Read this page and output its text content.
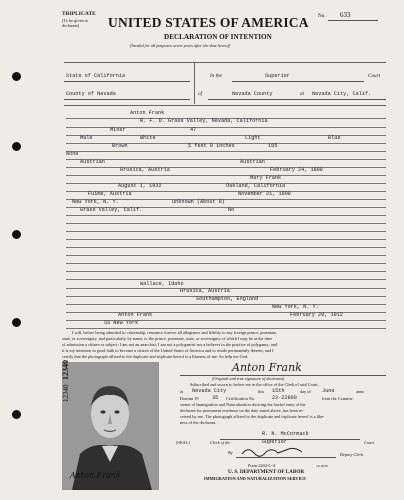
TRIPLICATE
(To be given to
declarant)
No. 633
UNITED STATES OF AMERICA
DECLARATION OF INTENTION
(Invalid for all purposes seven years after the date hereof)
State of California
County of Nevada
In the	Superior	Court
of	Nevada County	at Nevada City, Calif.
Anton Frank
R. F. D. Grass Valley, Nevada, California
Miner	47
Male	White	Light	Blue
Brown	5 feet 9 inches	165
None
Austrian	Austrian
Hrusica, Austria	February 24, 1888
Mary Frank
August 1, 1932	Oakland, California
Fuime, Austria	November 21, 1898
New York, N. Y.	unknown (About 8)
Grass Valley, Calif.	No
Wallace, Idaho
Hrusica, Austria
Southampton, England
New York, N. Y.
Anton Frank	February 29, 1912
SS New York
I will, before being admitted to citizenship, renounce forever all allegiance and fidelity to any foreign prince, potentate,
state, or sovereignty, and particularly, by name, to the prince, potentate, state, or sovereignty of which I may be at the time
of admission a citizen or subject; I am not an anarchist; I am not a polygamist nor a believer in the practice of polygamy; and
it is my intention in good faith to become a citizen of the United States of America and to reside permanently therein; and I
certify that the photograph affixed to the duplicate and triplicate hereof is a likeness of me: So help me God.
12340
Anton Frank
12340	Anton Frank
(Original and true signature of declarant)
Subscribed and sworn to before me in the office of the Clerk of said Court,
at Nevada City	this 15th	day of June	anno
Domini 19	35 Certification No.	22-22800	from the Commis-
sioner of Immigration and Naturalization showing the lawful entry of the
declarant for permanent residence on the date stated above, has been re-
ceived by me. The photograph affixed to the duplicate and triplicate hereof is a like-
ness of the declarant.
R. N. McCormack
[SEAL]	Clerk of the	Superior	Court.
By	Deputy Clerk.
Form 2202-L-A
U. S. DEPARTMENT OF LABOR
IMMIGRATION AND NATURALIZATION SERVICE
16-1828
